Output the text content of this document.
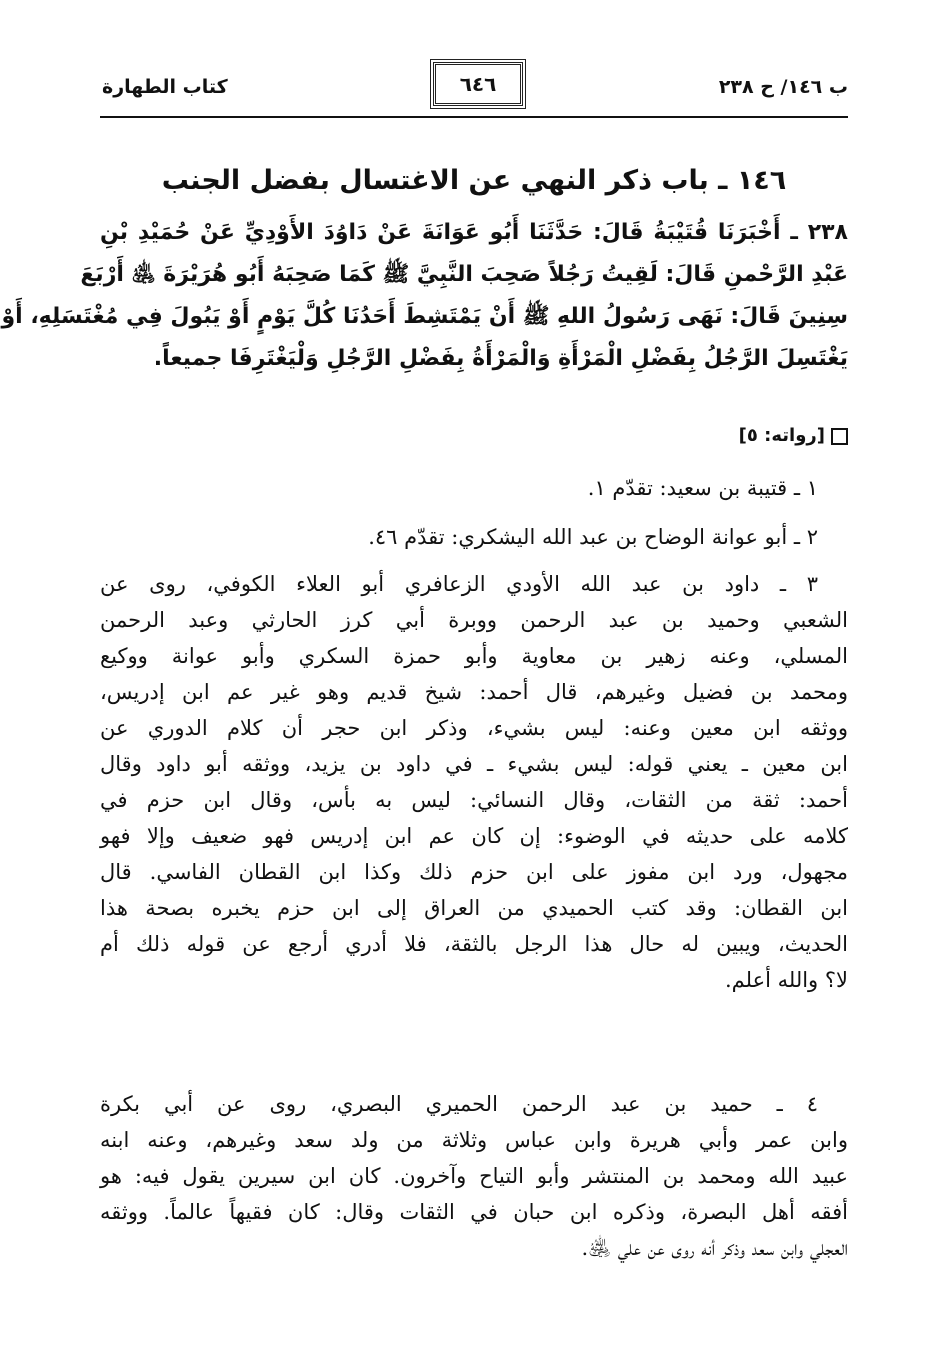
ب ١٤٦/ ح ٢٣٨
٦٤٦
كتاب الطهارة
١٤٦ ـ باب ذكر النهي عن الاغتسال بفضل الجنب
٢٣٨ ـ أَخْبَرَنَا قُتَيْبَةُ قَالَ: حَدَّثَنَا أَبُو عَوَانَةَ عَنْ دَاوُدَ الأَوْدِيِّ عَنْ حُمَيْدِ بْنِ
عَبْدِ الرَّحْمنِ قَالَ: لَقِيتُ رَجُلاً صَحِبَ النَّبِيَّ ﷺ كَمَا صَحِبَهُ أَبُو هُرَيْرَةَ ﵁ أَرْبَعَ
سِنِينَ قَالَ: نَهَى رَسُولُ اللهِ ﷺ أَنْ يَمْتَشِطَ أَحَدُنَا كُلَّ يَوْمٍ أَوْ يَبُولَ فِي مُغْتَسَلِهِ، أَوْ
يَغْتَسِلَ الرَّجُلُ بِفَضْلِ الْمَرْأَةِ وَالْمَرْأَةُ بِفَضْلِ الرَّجُلِ وَلْيَغْتَرِفَا جميعاً.
[رواته: ٥]
١ ـ قتيبة بن سعيد: تقدّم ١.
٢ ـ أبو عوانة الوضاح بن عبد الله اليشكري: تقدّم ٤٦.
٣ ـ داود بن عبد الله الأودي الزعافري أبو العلاء الكوفي، روى عن
الشعبي وحميد بن عبد الرحمن ووبرة أبي كرز الحارثي وعبد الرحمن
المسلي، وعنه زهير بن معاوية وأبو حمزة السكري وأبو عوانة ووكيع
ومحمد بن فضيل وغيرهم، قال أحمد: شيخ قديم وهو غير عم ابن إدريس،
ووثقه ابن معين وعنه: ليس بشيء، وذكر ابن حجر أن كلام الدوري عن
ابن معين ـ يعني قوله: ليس بشيء ـ في داود بن يزيد، ووثقه أبو داود وقال
أحمد: ثقة من الثقات، وقال النسائي: ليس به بأس، وقال ابن حزم في
كلامه على حديثه في الوضوء: إن كان عم ابن إدريس فهو ضعيف وإلا فهو
مجهول، ورد ابن مفوز على ابن حزم ذلك وكذا ابن القطان الفاسي. قال
ابن القطان: وقد كتب الحميدي من العراق إلى ابن حزم يخبره بصحة هذا
الحديث، ويبين له حال هذا الرجل بالثقة، فلا أدري أرجع عن قوله ذلك أم
لا؟ والله أعلم.
٤ ـ حميد بن عبد الرحمن الحميري البصري، روى عن أبي بكرة
وابن عمر وأبي هريرة وابن عباس وثلاثة من ولد سعد وغيرهم، وعنه ابنه
عبيد الله ومحمد بن المنتشر وأبو التياح وآخرون. كان ابن سيرين يقول فيه: هو
أفقه أهل البصرة، وذكره ابن حبان في الثقات وقال: كان فقيهاً عالماً. ووثقه
العجلي وابن سعد وذكر أنه روى عن علي ﵁.
